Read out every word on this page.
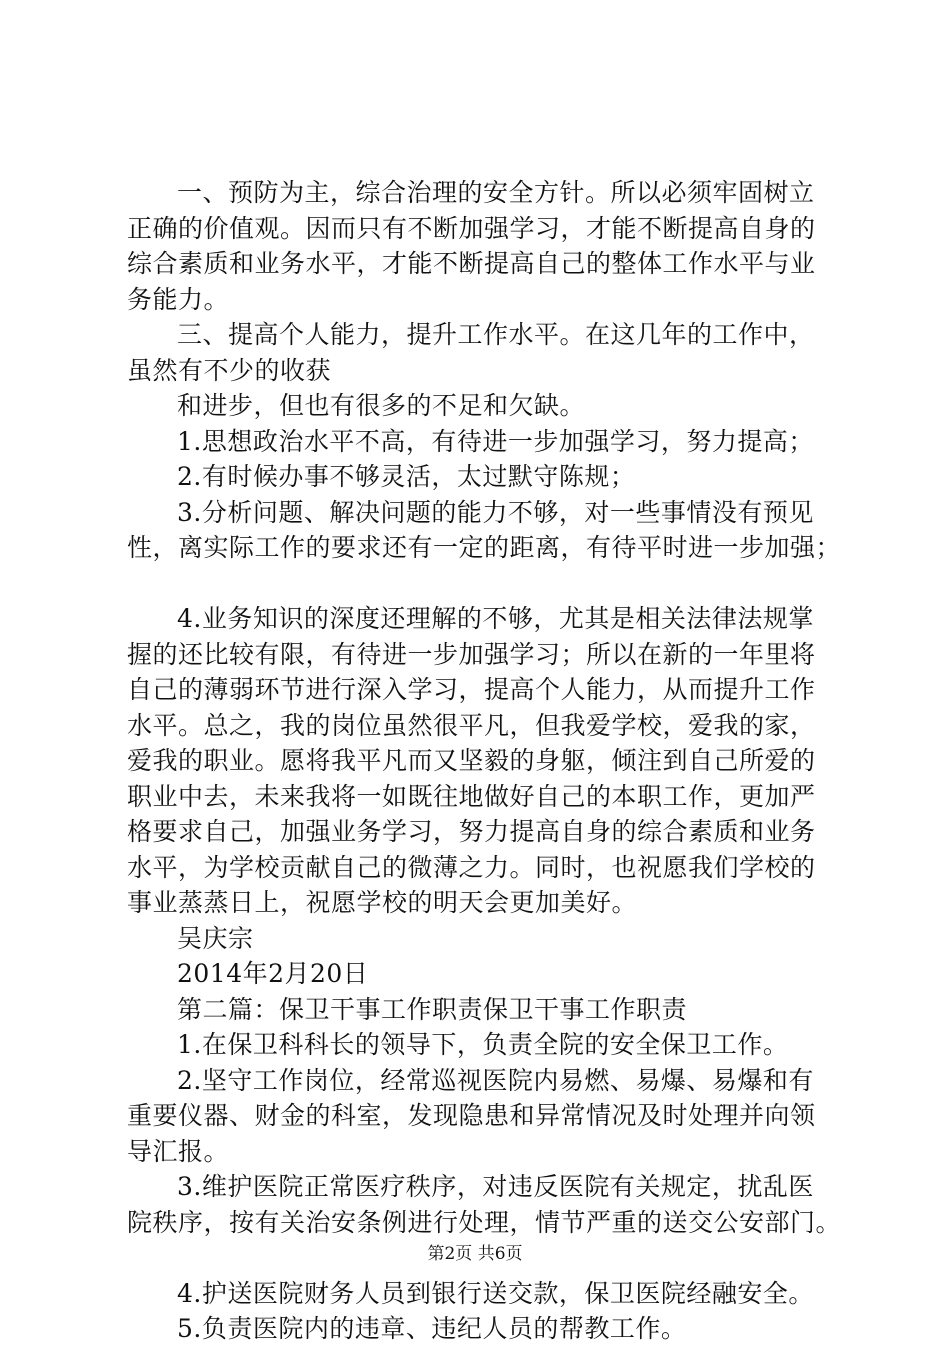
一、预防为主，综合治理的安全方针。所以必须牢固树立
正确的价值观。因而只有不断加强学习，才能不断提高自身的
综合素质和业务水平，才能不断提高自己的整体工作水平与业
务能力。
三、提高个人能力，提升工作水平。在这几年的工作中，
虽然有不少的收获
和进步，但也有很多的不足和欠缺。
1.思想政治水平不高，有待进一步加强学习，努力提高；
2.有时候办事不够灵活，太过默守陈规；
3.分析问题、解决问题的能力不够，对一些事情没有预见
性，离实际工作的要求还有一定的距离，有待平时进一步加强；
4.业务知识的深度还理解的不够，尤其是相关法律法规掌
握的还比较有限，有待进一步加强学习；所以在新的一年里将
自己的薄弱环节进行深入学习，提高个人能力，从而提升工作
水平。总之，我的岗位虽然很平凡，但我爱学校，爱我的家，
爱我的职业。愿将我平凡而又坚毅的身躯，倾注到自己所爱的
职业中去，未来我将一如既往地做好自己的本职工作，更加严
格要求自己，加强业务学习，努力提高自身的综合素质和业务
水平，为学校贡献自己的微薄之力。同时，也祝愿我们学校的
事业蒸蒸日上，祝愿学校的明天会更加美好。
吴庆宗
2014年2月20日
第二篇：保卫干事工作职责保卫干事工作职责
1.在保卫科科长的领导下，负责全院的安全保卫工作。
2.坚守工作岗位，经常巡视医院内易燃、易爆、易爆和有
重要仪器、财金的科室，发现隐患和异常情况及时处理并向领
导汇报。
3.维护医院正常医疗秩序，对违反医院有关规定，扰乱医
院秩序，按有关治安条例进行处理，情节严重的送交公安部门。
4.护送医院财务人员到银行送交款，保卫医院经融安全。
5.负责医院内的违章、违纪人员的帮教工作。
第2页 共6页
